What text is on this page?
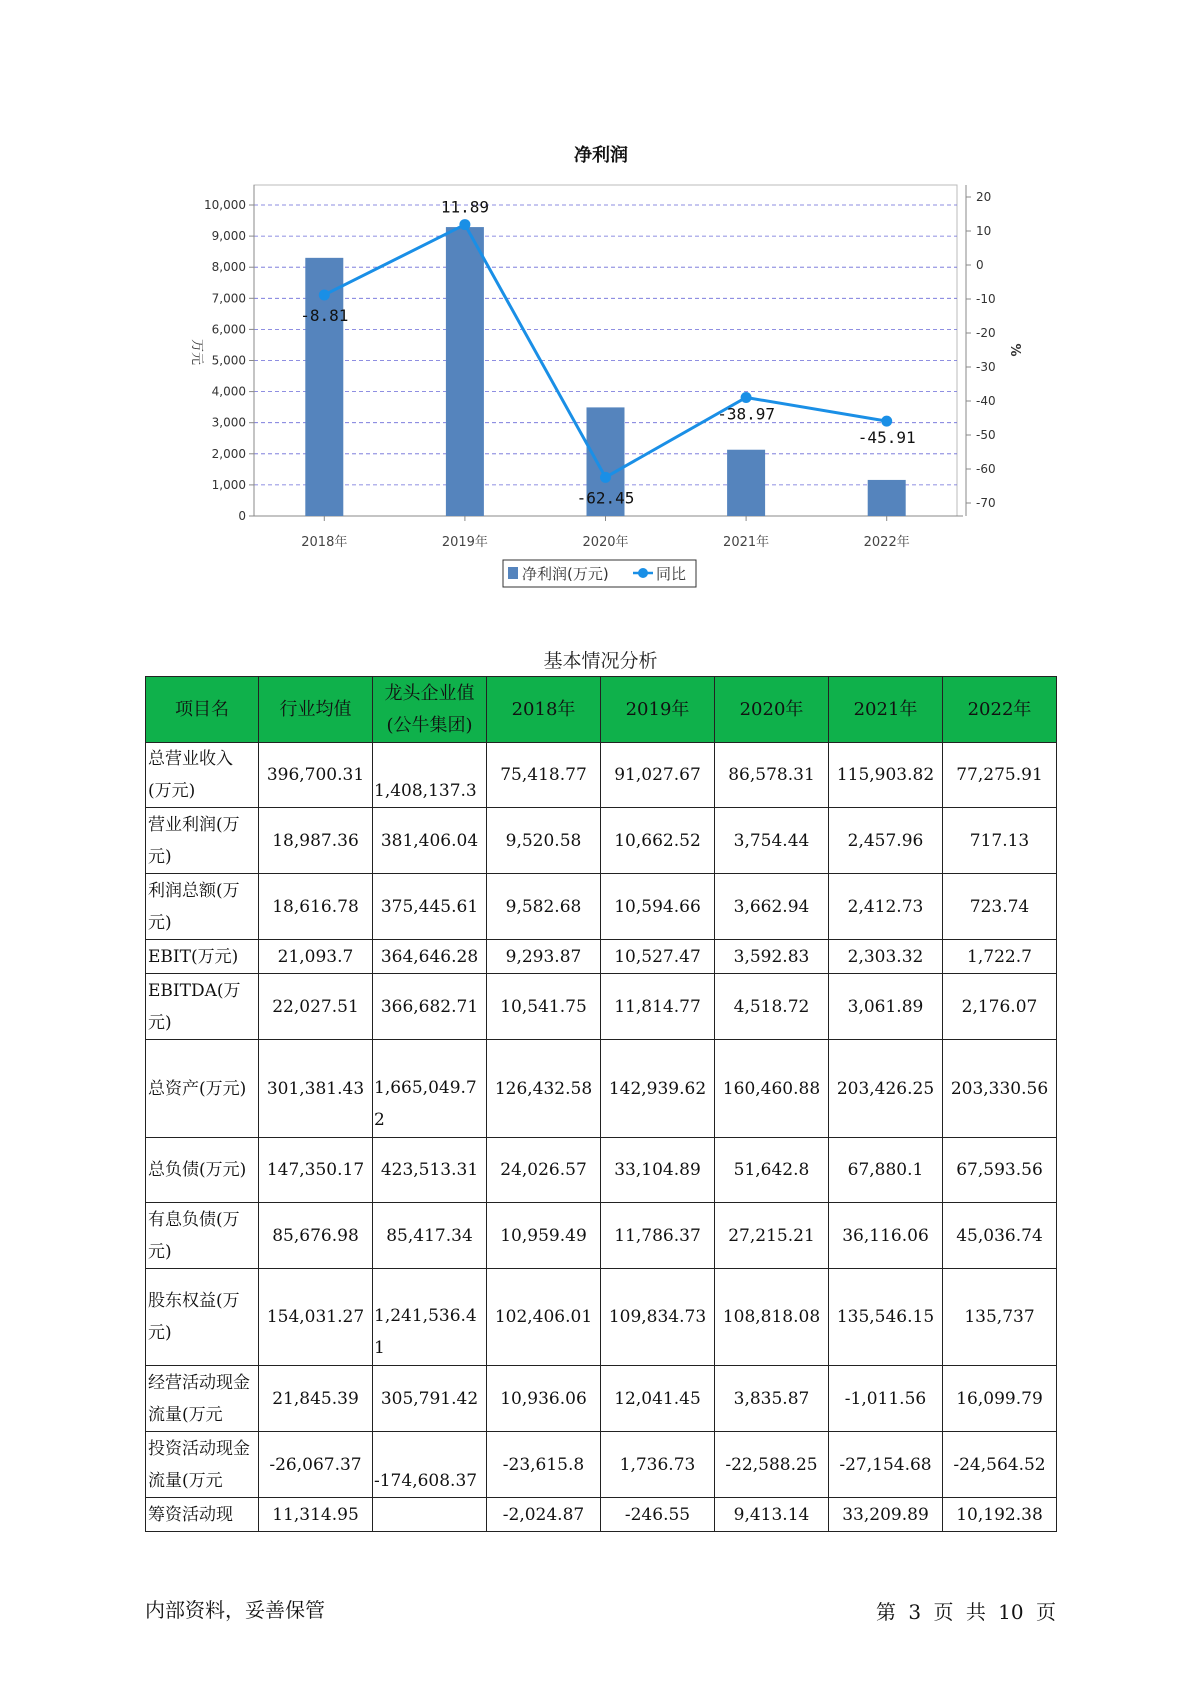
净利润
0
1,000
2,000
3,000
4,000
5,000
6,000
7,000
8,000
9,000
10,000
-70
-60
-50
-40
-30
-20
-10
0
10
20
2018年	2019年	2020年	2021年	2022年
-8.81
11.89
-62.45
-38.97
-45.91
万元	%
净利润(万元)	同比
基本情况分析
项目名	行业均值	龙头企业值(公牛集团)	2018年	2019年	2020年	2021年	2022年
总营业收入(万元)	396,700.31	1,408,137.3	75,418.77	91,027.67	86,578.31	115,903.82	77,275.91
营业利润(万元)	18,987.36	381,406.04	9,520.58	10,662.52	3,754.44	2,457.96	717.13
利润总额(万元)	18,616.78	375,445.61	9,582.68	10,594.66	3,662.94	2,412.73	723.74
EBIT(万元)	21,093.7	364,646.28	9,293.87	10,527.47	3,592.83	2,303.32	1,722.7
EBITDA(万元)	22,027.51	366,682.71	10,541.75	11,814.77	4,518.72	3,061.89	2,176.07
总资产(万元)	301,381.43	1,665,049.72	126,432.58	142,939.62	160,460.88	203,426.25	203,330.56
总负债(万元)	147,350.17	423,513.31	24,026.57	33,104.89	51,642.8	67,880.1	67,593.56
有息负债(万元)	85,676.98	85,417.34	10,959.49	11,786.37	27,215.21	36,116.06	45,036.74
股东权益(万元)	154,031.27	1,241,536.41	102,406.01	109,834.73	108,818.08	135,546.15	135,737
经营活动现金流量(万元	21,845.39	305,791.42	10,936.06	12,041.45	3,835.87	-1,011.56	16,099.79
投资活动现金流量(万元	-26,067.37	-174,608.37	-23,615.8	1,736.73	-22,588.25	-27,154.68	-24,564.52
筹资活动现	11,314.95		-2,024.87	-246.55	9,413.14	33,209.89	10,192.38
内部资料，妥善保管	第 3 页 共 10 页
